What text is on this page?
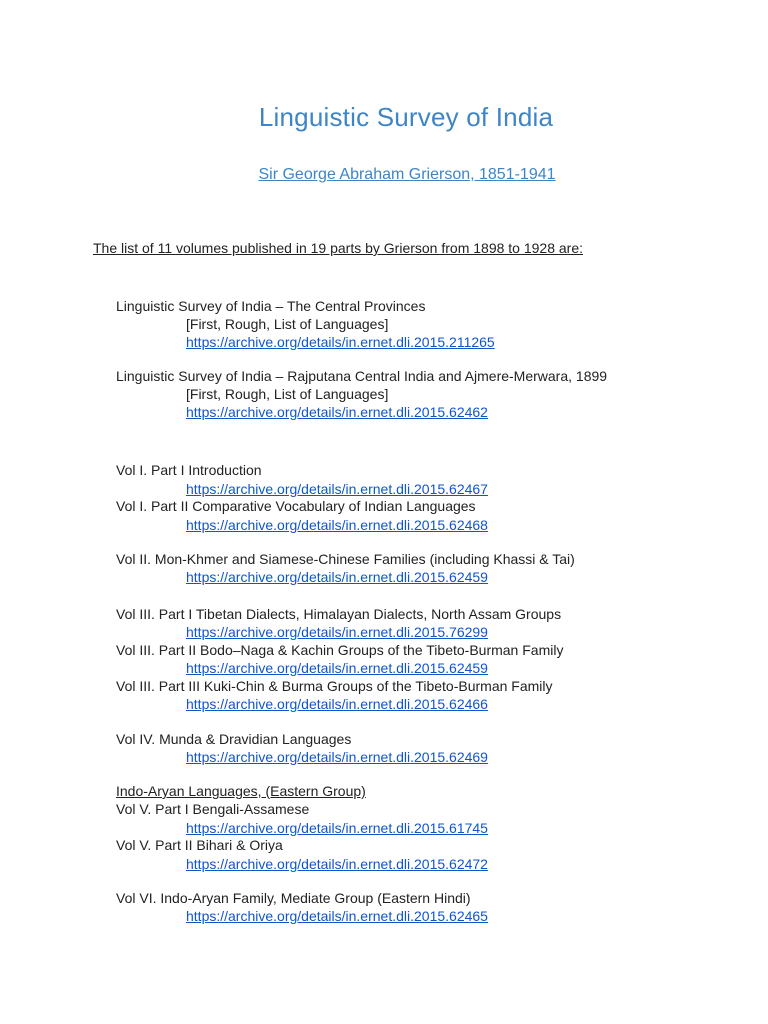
Linguistic Survey of India
Sir George Abraham Grierson, 1851-1941
The list of 11 volumes published in 19 parts by Grierson from 1898 to 1928 are:
Linguistic Survey of India – The Central Provinces
[First, Rough, List of Languages]
https://archive.org/details/in.ernet.dli.2015.211265
Linguistic Survey of India – Rajputana Central India and Ajmere-Merwara, 1899
[First, Rough, List of Languages]
https://archive.org/details/in.ernet.dli.2015.62462
Vol I. Part I Introduction
https://archive.org/details/in.ernet.dli.2015.62467
Vol I. Part II Comparative Vocabulary of Indian Languages
https://archive.org/details/in.ernet.dli.2015.62468
Vol II. Mon-Khmer and Siamese-Chinese Families (including Khassi & Tai)
https://archive.org/details/in.ernet.dli.2015.62459
Vol III. Part I Tibetan Dialects, Himalayan Dialects, North Assam Groups
https://archive.org/details/in.ernet.dli.2015.76299
Vol III. Part II Bodo–Naga & Kachin Groups of the Tibeto-Burman Family
https://archive.org/details/in.ernet.dli.2015.62459
Vol III. Part III Kuki-Chin & Burma Groups of the Tibeto-Burman Family
https://archive.org/details/in.ernet.dli.2015.62466
Vol IV. Munda & Dravidian Languages
https://archive.org/details/in.ernet.dli.2015.62469
Indo-Aryan Languages, (Eastern Group)
Vol V. Part I Bengali-Assamese
https://archive.org/details/in.ernet.dli.2015.61745
Vol V. Part II Bihari & Oriya
https://archive.org/details/in.ernet.dli.2015.62472
Vol VI. Indo-Aryan Family, Mediate Group (Eastern Hindi)
https://archive.org/details/in.ernet.dli.2015.62465
